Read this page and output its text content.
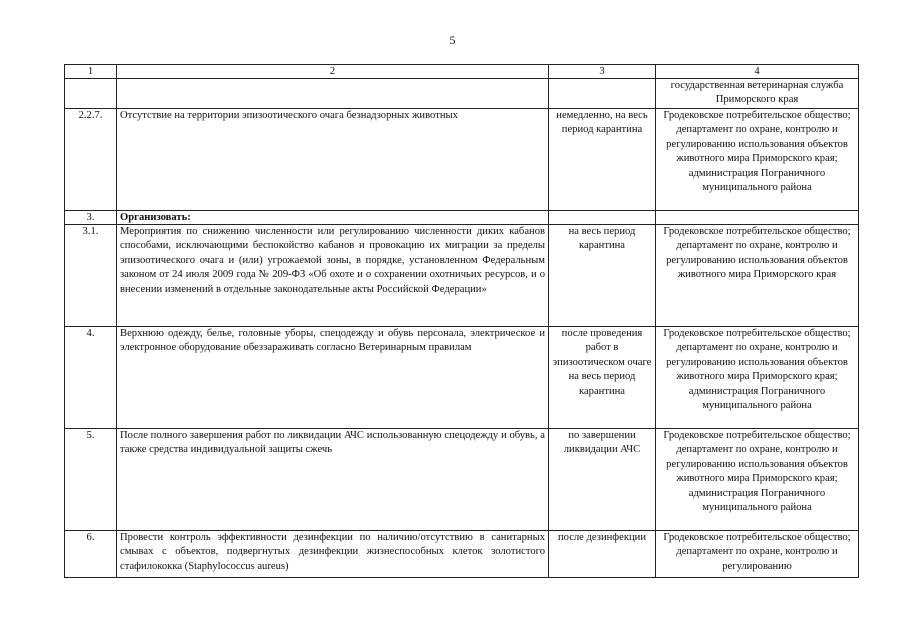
5
1	2	3	4
			государственная ветеринарная служба Приморского края
2.2.7.	Отсутствие на территории эпизоотического очага безнадзорных животных	немедленно, на весь период карантина	Гродековское потребительское общество; департамент по охране, контролю и регулированию использования объектов животного мира Приморского края; администрация Пограничного муниципального района
3.	Организовать:		
3.1.	Мероприятия по снижению численности или регулированию численности диких кабанов способами, исключающими беспокойство кабанов и провокацию их миграции за пределы эпизоотического очага и (или) угрожаемой зоны, в порядке, установленном Федеральным законом от 24 июля 2009 года № 209-ФЗ «Об охоте и о сохранении охотничьих ресурсов, и о внесении изменений в отдельные законодательные акты Российской Федерации»	на весь период карантина	Гродековское потребительское общество; департамент по охране, контролю и регулированию использования объектов животного мира Приморского края
4.	Верхнюю одежду, белье, головные уборы, спецодежду и обувь персонала, электрическое и электронное оборудование обеззараживать согласно Ветеринарным правилам	после проведения работ в эпизоотическом очаге на весь период карантина	Гродековское потребительское общество; департамент по охране, контролю и регулированию использования объектов животного мира Приморского края; администрация Пограничного муниципального района
5.	После полного завершения работ по ликвидации АЧС использованную спецодежду и обувь, а также средства индивидуальной защиты сжечь	по завершении ликвидации АЧС	Гродековское потребительское общество; департамент по охране, контролю и регулированию использования объектов животного мира Приморского края; администрация Пограничного муниципального района
6.	Провести контроль эффективности дезинфекции по наличию/отсутствию в санитарных смывах с объектов, подвергнутых дезинфекции жизнеспособных клеток золотистого стафилококка (Staphylococcus aureus)	после дезинфекции	Гродековское потребительское общество; департамент по охране, контролю и регулированию
